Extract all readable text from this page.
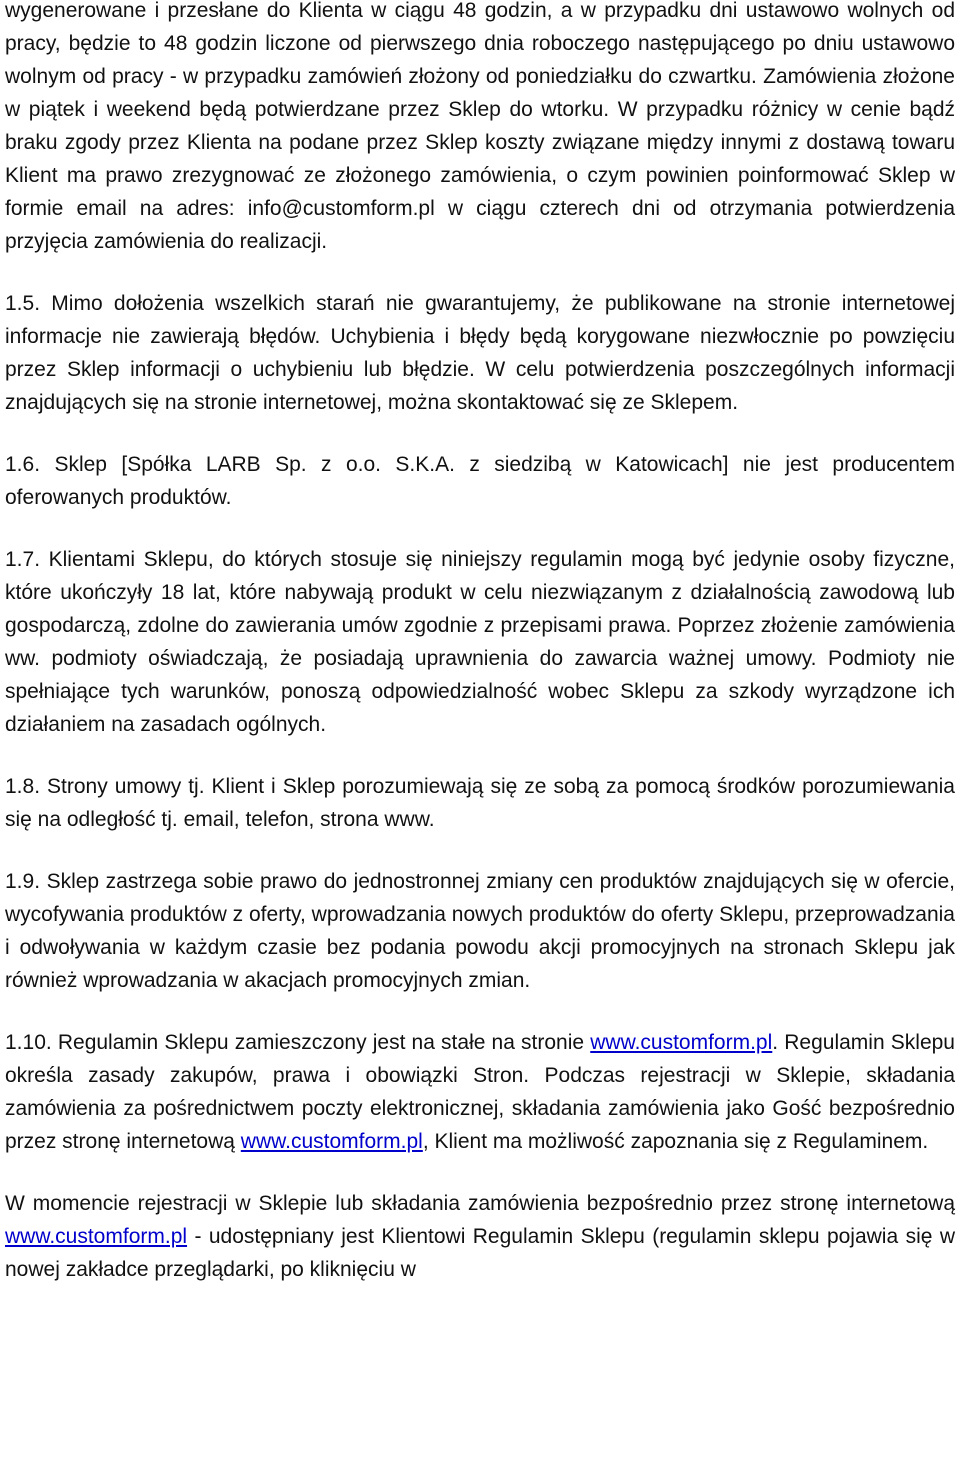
wygenerowane i przesłane do Klienta w ciągu 48 godzin, a w przypadku dni ustawowo wolnych od pracy, będzie to 48 godzin liczone od pierwszego dnia roboczego następującego po dniu ustawowo wolnym od pracy - w przypadku zamówień złożony od poniedziałku do czwartku. Zamówienia złożone w piątek i weekend będą potwierdzane przez Sklep do wtorku. W przypadku różnicy w cenie bądź braku zgody przez Klienta na podane przez Sklep koszty związane między innymi z dostawą towaru Klient ma prawo zrezygnować ze złożonego zamówienia, o czym powinien poinformować Sklep w formie email na adres: info@customform.pl w ciągu czterech dni od otrzymania potwierdzenia przyjęcia zamówienia do realizacji.

1.5. Mimo dołożenia wszelkich starań nie gwarantujemy, że publikowane na stronie internetowej informacje nie zawierają błędów. Uchybienia i błędy będą korygowane niezwłocznie po powzięciu przez Sklep informacji o uchybieniu lub błędzie. W celu potwierdzenia poszczególnych informacji znajdujących się na stronie internetowej, można skontaktować się ze Sklepem.

1.6. Sklep [Spółka LARB Sp. z o.o. S.K.A. z siedzibą w Katowicach] nie jest producentem oferowanych produktów.

1.7. Klientami Sklepu, do których stosuje się niniejszy regulamin mogą być jedynie osoby fizyczne, które ukończyły 18 lat, które nabywają produkt w celu niezwiązanym z działalnością zawodową lub gospodarczą, zdolne do zawierania umów zgodnie z przepisami prawa. Poprzez złożenie zamówienia ww. podmioty oświadczają, że posiadają uprawnienia do zawarcia ważnej umowy. Podmioty nie spełniające tych warunków, ponoszą odpowiedzialność wobec Sklepu za szkody wyrządzone ich działaniem na zasadach ogólnych.

1.8. Strony umowy tj. Klient i Sklep porozumiewają się ze sobą za pomocą środków porozumiewania się na odległość tj. email, telefon, strona www.

1.9. Sklep zastrzega sobie prawo do jednostronnej zmiany cen produktów znajdujących się w ofercie, wycofywania produktów z oferty, wprowadzania nowych produktów do oferty Sklepu, przeprowadzania i odwoływania w każdym czasie bez podania powodu akcji promocyjnych na stronach Sklepu jak również wprowadzania w akacjach promocyjnych zmian.

1.10. Regulamin Sklepu zamieszczony jest na stałe na stronie www.customform.pl. Regulamin Sklepu określa zasady zakupów, prawa i obowiązki Stron. Podczas rejestracji w Sklepie, składania zamówienia za pośrednictwem poczty elektronicznej, składania zamówienia jako Gość bezpośrednio przez stronę internetową www.customform.pl, Klient ma możliwość zapoznania się z Regulaminem.

W momencie rejestracji w Sklepie lub składania zamówienia bezpośrednio przez stronę internetową www.customform.pl - udostępniany jest Klientowi Regulamin Sklepu (regulamin sklepu pojawia się w nowej zakładce przeglądarki, po kliknięciu w
